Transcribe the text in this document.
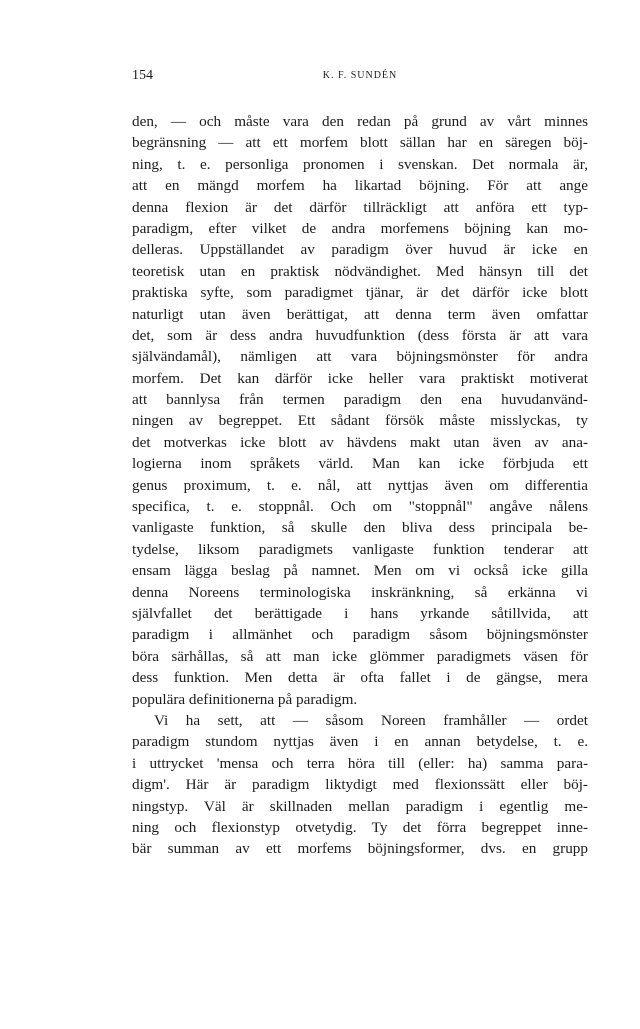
154	K. F. SUNDÉN
den, — och måste vara den redan på grund av vårt minnes
begränsning — att ett morfem blott sällan har en säregen böj-
ning, t. e. personliga pronomen i svenskan. Det normala är,
att en mängd morfem ha likartad böjning. För att ange
denna flexion är det därför tillräckligt att anföra ett typ-
paradigm, efter vilket de andra morfemens böjning kan mo-
delleras. Uppställandet av paradigm över huvud är icke en
teoretisk utan en praktisk nödvändighet. Med hänsyn till det
praktiska syfte, som paradigmet tjänar, är det därför icke blott
naturligt utan även berättigat, att denna term även omfattar
det, som är dess andra huvudfunktion (dess första är att vara
självändamål), nämligen att vara böjningsmönster för andra
morfem. Det kan därför icke heller vara praktiskt motiverat
att bannlysa från termen paradigm den ena huvudanvänd-
ningen av begreppet. Ett sådant försök måste misslyckas, ty
det motverkas icke blott av hävdens makt utan även av ana-
logierna inom språkets värld. Man kan icke förbjuda ett
genus proximum, t. e. nål, att nyttjas även om differentia
specifica, t. e. stoppnål. Och om "stoppnål" angåve nålens
vanligaste funktion, så skulle den bliva dess principala be-
tydelse, liksom paradigmets vanligaste funktion tenderar att
ensam lägga beslag på namnet. Men om vi också icke gilla
denna Noreens terminologiska inskränkning, så erkänna vi
självfallet det berättigade i hans yrkande såtillvida, att
paradigm i allmänhet och paradigm såsom böjningsmönster
böra särhållas, så att man icke glömmer paradigmets väsen för
dess funktion. Men detta är ofta fallet i de gängse, mera
populära definitionerna på paradigm.
Vi ha sett, att — såsom Noreen framhåller — ordet
paradigm stundom nyttjas även i en annan betydelse, t. e.
i uttrycket 'mensa och terra höra till (eller: ha) samma para-
digm'. Här är paradigm liktydigt med flexionssätt eller böj-
ningstyp. Väl är skillnaden mellan paradigm i egentlig me-
ning och flexionstyp otvetydig. Ty det förra begreppet inne-
bär summan av ett morfems böjningsformer, dvs. en grupp
